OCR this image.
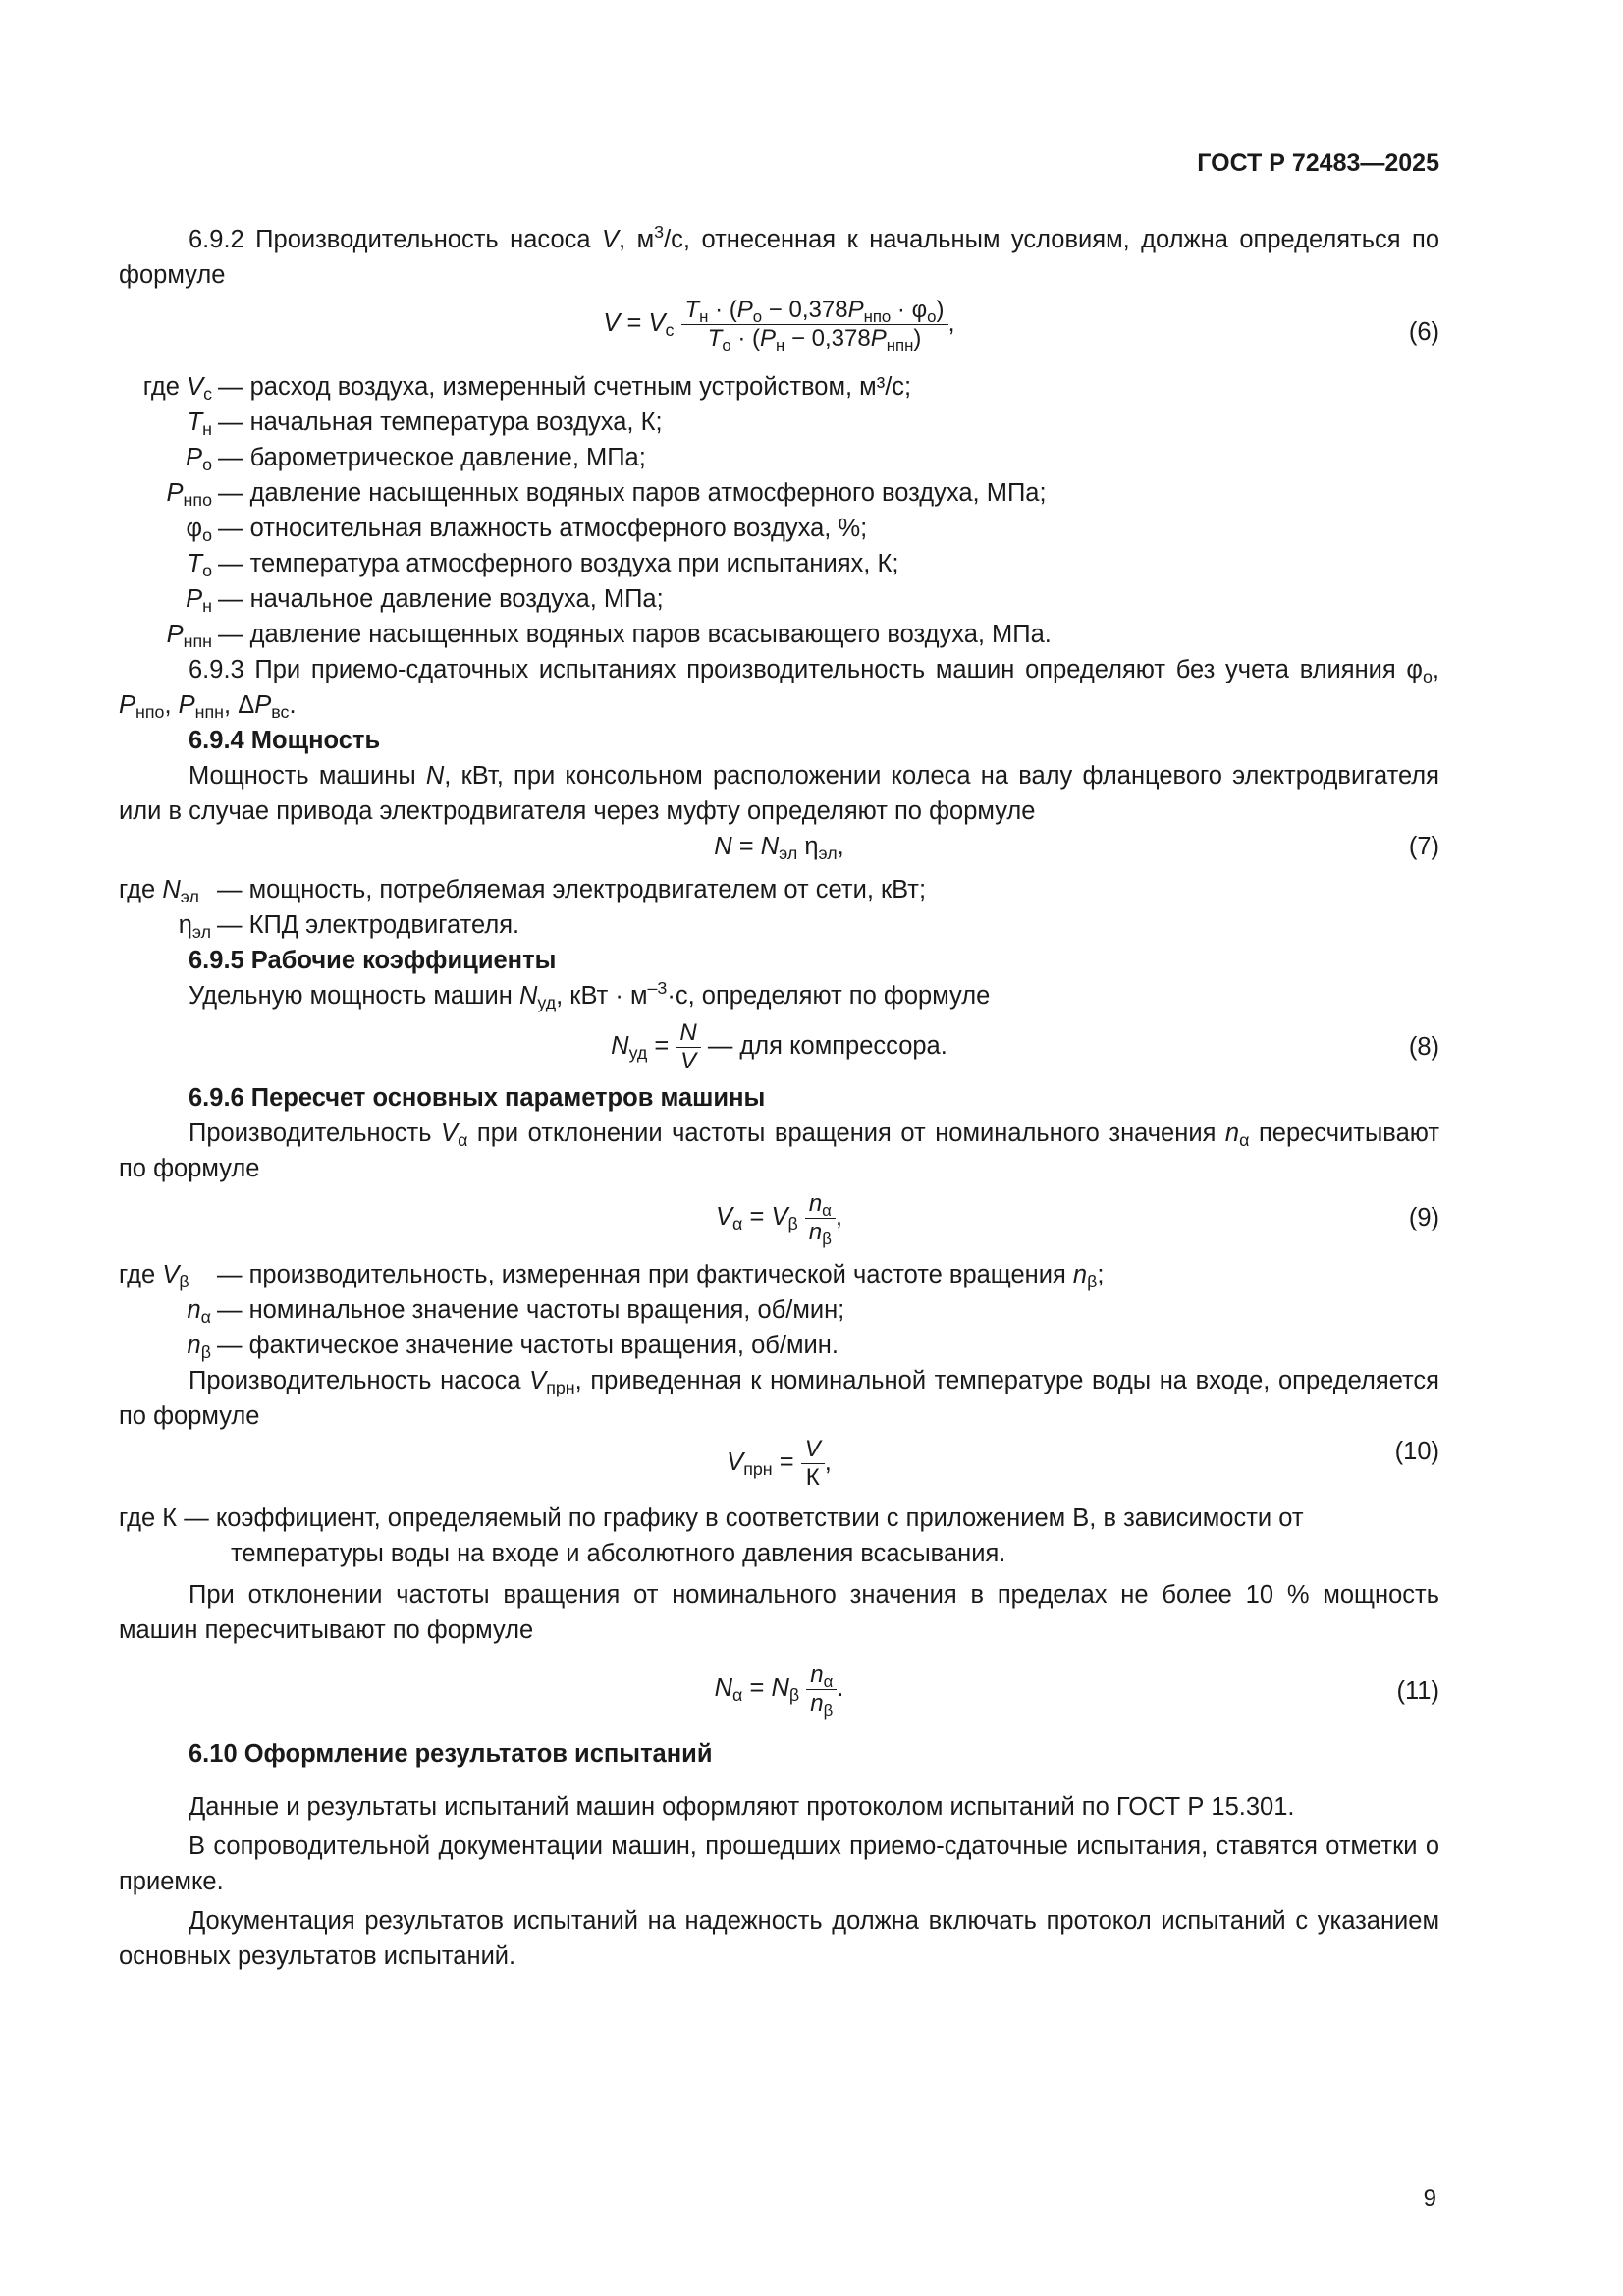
ГОСТ Р 72483—2025

6.9.2 Производительность насоса V, $м^3/с$, отнесенная к начальным условиям, должна определяться по формуле

$V = V_с \frac{T_н \cdot (P_о - 0,378P_{нпо} \cdot \varphi_о)}{T_о \cdot (P_н - 0,378P_{нпн})}$ ,	(6)
где $V_с$ — расход воздуха, измеренный счетным устройством, м³/с;
$T_н$ — начальная температура воздуха, К;
$P_о$ — барометрическое давление, МПа;
$P_{нпо}$ — давление насыщенных водяных паров атмосферного воздуха, МПа;
$\varphi_о$ — относительная влажность атмосферного воздуха, %;
$T_о$ — температура атмосферного воздуха при испытаниях, К;
$P_н$ — начальное давление воздуха, МПа;
$P_{нпн}$ — давление насыщенных водяных паров всасывающего воздуха, МПа.

6.9.3 При приемо-сдаточных испытаниях производительность машин определяют без учета влияния $\varphi_о$, $P_{нпо}$, $P_{нпн}$, $\Delta P_{вс}$.

6.9.4 Мощность

Мощность машины N, кВт, при консольном расположении колеса на валу фланцевого электродвигателя или в случае привода электродвигателя через муфту определяют по формуле

$N = N_{эл}$ $\eta_{эл}$,	(7)
где $N_{эл}$ — мощность, потребляемая электродвигателем от сети, кВт;
$\eta_{эл}$ — КПД электродвигателя.

6.9.5 Рабочие коэффициенты

Удельную мощность машин $N_{уд}$, кВт · $м^{-3}\cdot с$, определяют по формуле

$N_{уд} = \frac{N}{V}$ — для компрессора.	(8)

6.9.6 Пересчет основных параметров машины

Производительность $V_\alpha$ при отклонении частоты вращения от номинального значения $n_\alpha$ пересчитывают по формуле

$V_\alpha = V_\beta \frac{n_\alpha}{n_\beta}$ ,	(9)
где $V_\beta$	— производительность, измеренная при фактической частоте вращения $n_\beta$;
$n_\alpha$ — номинальное значение частоты вращения, об/мин;
$n_\beta$ — фактическое значение частоты вращения, об/мин.

Производительность насоса $V_{прн}$, приведенная к номинальной температуре воды на входе, определяется по формуле

$V_{прн} = \frac{V}{К}$ ,	(10)

где К — коэффициент, определяемый по графику в соответствии с приложением В, в зависимости от

температуры воды на входе и абсолютного давления всасывания.

При отклонении частоты вращения от номинального значения в пределах не более 10 % мощность машин пересчитывают по формуле

$N_\alpha = N_\beta \frac{n_\alpha}{n_\beta}$ .	(11)

6.10 Оформление результатов испытаний

Данные и результаты испытаний машин оформляют протоколом испытаний по ГОСТ Р 15.301.

В сопроводительной документации машин, прошедших приемо-сдаточные испытания, ставятся отметки о приемке.

Документация результатов испытаний на надежность должна включать протокол испытаний с указанием основных результатов испытаний.

9
